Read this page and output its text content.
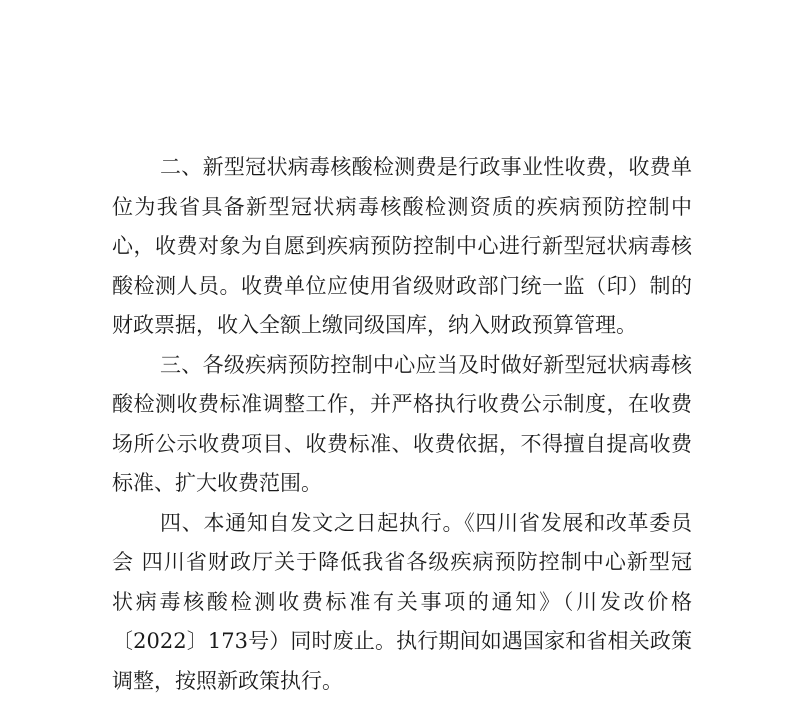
二、新型冠状病毒核酸检测费是行政事业性收费，收费单
位为我省具备新型冠状病毒核酸检测资质的疾病预防控制中
心，收费对象为自愿到疾病预防控制中心进行新型冠状病毒核
酸检测人员。收费单位应使用省级财政部门统一监（印）制的
财政票据，收入全额上缴同级国库，纳入财政预算管理。
三、各级疾病预防控制中心应当及时做好新型冠状病毒核
酸检测收费标准调整工作，并严格执行收费公示制度，在收费
场所公示收费项目、收费标准、收费依据，不得擅自提高收费
标准、扩大收费范围。
四、本通知自发文之日起执行。《四川省发展和改革委员
会 四川省财政厅关于降低我省各级疾病预防控制中心新型冠
状病毒核酸检测收费标准有关事项的通知》（川发改价格
〔2022〕173号）同时废止。执行期间如遇国家和省相关政策
调整，按照新政策执行。
